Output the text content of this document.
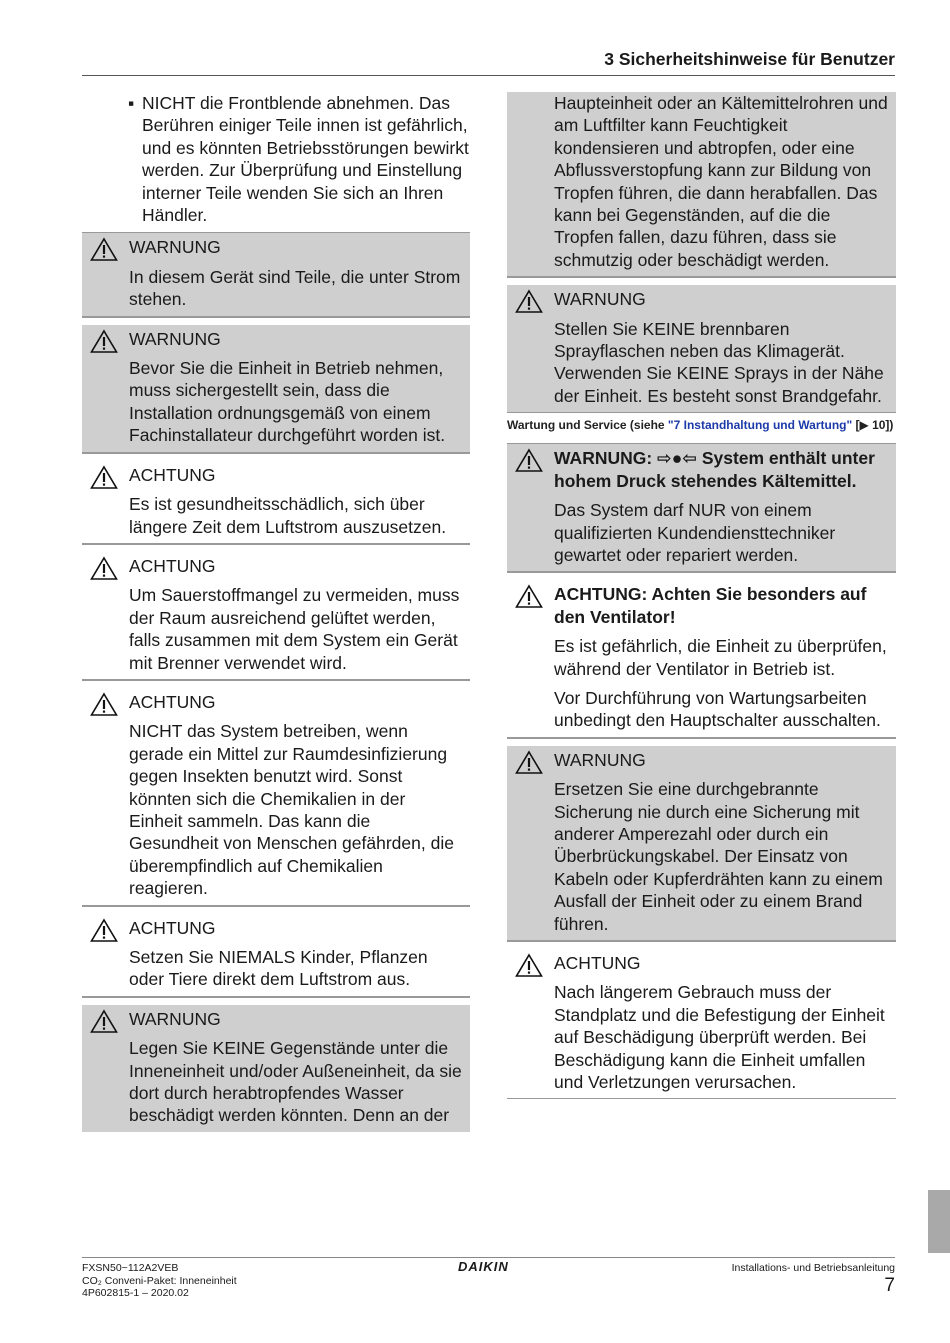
3 Sicherheitshinweise für Benutzer
▪ NICHT die Frontblende abnehmen. Das Berühren einiger Teile innen ist gefährlich, und es könnten Betriebsstörungen bewirkt werden. Zur Überprüfung und Einstellung interner Teile wenden Sie sich an Ihren Händler.
WARNUNG
In diesem Gerät sind Teile, die unter Strom stehen.
WARNUNG
Bevor Sie die Einheit in Betrieb nehmen, muss sichergestellt sein, dass die Installation ordnungsgemäß von einem Fachinstallateur durchgeführt worden ist.
ACHTUNG
Es ist gesundheitsschädlich, sich über längere Zeit dem Luftstrom auszusetzen.
ACHTUNG
Um Sauerstoffmangel zu vermeiden, muss der Raum ausreichend gelüftet werden, falls zusammen mit dem System ein Gerät mit Brenner verwendet wird.
ACHTUNG
NICHT das System betreiben, wenn gerade ein Mittel zur Raumdesinfizierung gegen Insekten benutzt wird. Sonst könnten sich die Chemikalien in der Einheit sammeln. Das kann die Gesundheit von Menschen gefährden, die überempfindlich auf Chemikalien reagieren.
ACHTUNG
Setzen Sie NIEMALS Kinder, Pflanzen oder Tiere direkt dem Luftstrom aus.
WARNUNG
Legen Sie KEINE Gegenstände unter die Inneneinheit und/oder Außeneinheit, da sie dort durch herabtropfendes Wasser beschädigt werden könnten. Denn an der
Haupteinheit oder an Kältemittelrohren und am Luftfilter kann Feuchtigkeit kondensieren und abtropfen, oder eine Abflussverstopfung kann zur Bildung von Tropfen führen, die dann herabfallen. Das kann bei Gegenständen, auf die die Tropfen fallen, dazu führen, dass sie schmutzig oder beschädigt werden.
WARNUNG
Stellen Sie KEINE brennbaren Sprayflaschen neben das Klimagerät. Verwenden Sie KEINE Sprays in der Nähe der Einheit. Es besteht sonst Brandgefahr.
Wartung und Service (siehe "7 Instandhaltung und Wartung" [▶ 10])
WARNUNG: ⇨●⇦ System enthält unter hohem Druck stehendes Kältemittel.
Das System darf NUR von einem qualifizierten Kundendiensttechniker gewartet oder repariert werden.
ACHTUNG: Achten Sie besonders auf den Ventilator!
Es ist gefährlich, die Einheit zu überprüfen, während der Ventilator in Betrieb ist.
Vor Durchführung von Wartungsarbeiten unbedingt den Hauptschalter ausschalten.
WARNUNG
Ersetzen Sie eine durchgebrannte Sicherung nie durch eine Sicherung mit anderer Amperezahl oder durch ein Überbrückungskabel. Der Einsatz von Kabeln oder Kupferdrähten kann zu einem Ausfall der Einheit oder zu einem Brand führen.
ACHTUNG
Nach längerem Gebrauch muss der Standplatz und die Befestigung der Einheit auf Beschädigung überprüft werden. Bei Beschädigung kann die Einheit umfallen und Verletzungen verursachen.
FXSN50~112A2VEB
CO₂ Conveni-Paket: Inneneinheit
4P602815-1 – 2020.02
DAIKIN	Installations- und Betriebsanleitung
7
